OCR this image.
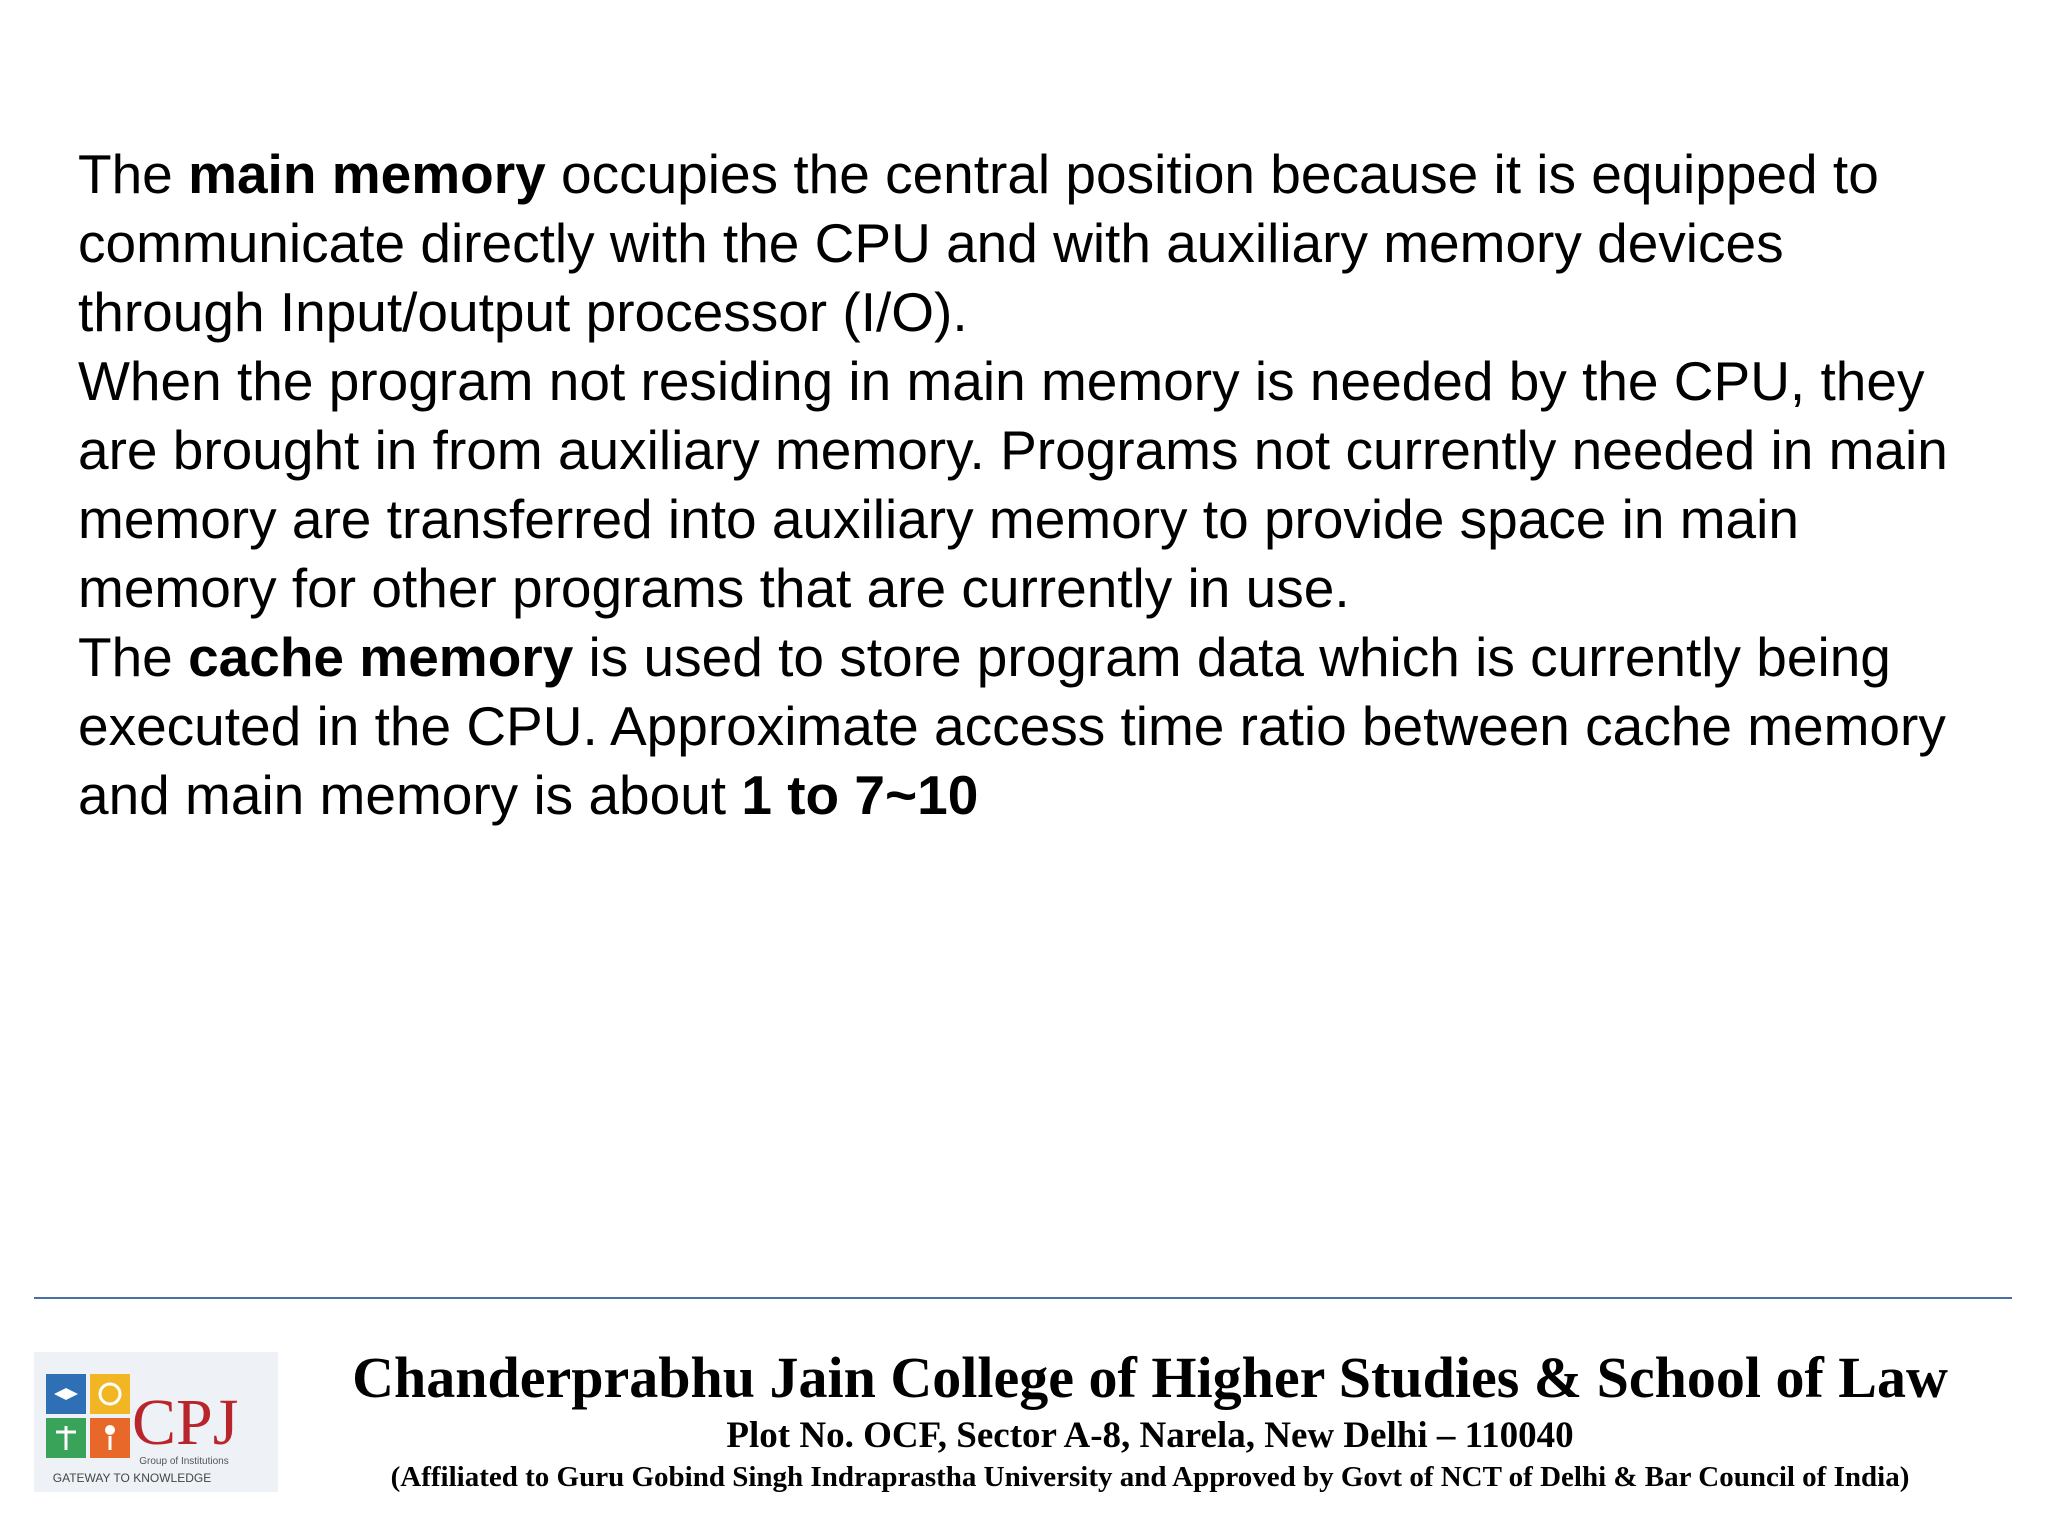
The main memory occupies the central position because it is equipped to communicate directly with the CPU and with auxiliary memory devices through Input/output processor (I/O).

When the program not residing in main memory is needed by the CPU, they are brought in from auxiliary memory. Programs not currently needed in main memory are transferred into auxiliary memory to provide space in main memory for other programs that are currently in use.

The cache memory is used to store program data which is currently being executed in the CPU. Approximate access time ratio between cache memory and main memory is about 1 to 7~10

CPJ
Group of Institutions
GATEWAY TO KNOWLEDGE
Chanderprabhu Jain College of Higher Studies & School of Law
Plot No. OCF, Sector A-8, Narela, New Delhi – 110040
(Affiliated to Guru Gobind Singh Indraprastha University and Approved by Govt of NCT of Delhi & Bar Council of India)
